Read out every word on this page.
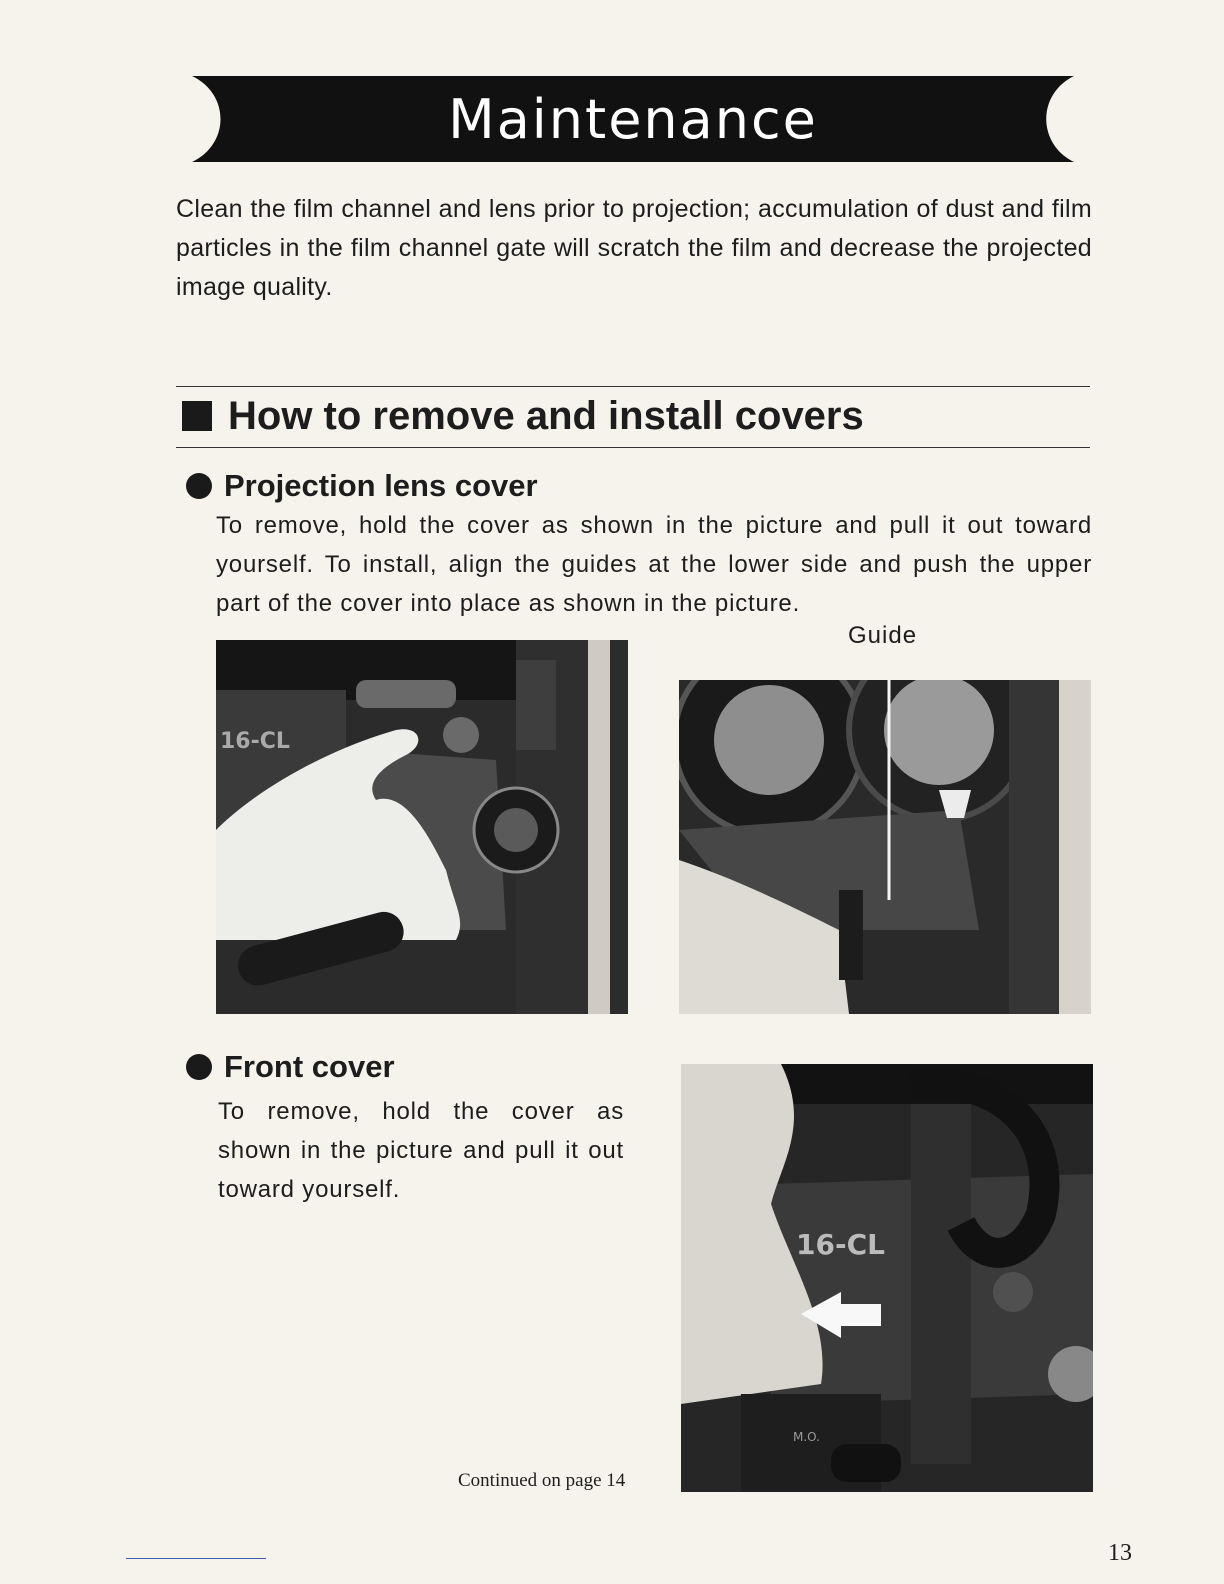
Maintenance
Clean the film channel and lens prior to projection; accumulation of dust and film particles in the film channel gate will scratch the film and decrease the projected image quality.
How to remove and install covers
Projection lens cover
To remove, hold the cover as shown in the picture and pull it out toward yourself. To install, align the guides at the lower side and push the upper part of the cover into place as shown in the picture.
Guide
16-CL
Front cover
To remove, hold the cover as shown in the picture and pull it out toward yourself.
16-CL
M.O.
Continued on page 14
13
